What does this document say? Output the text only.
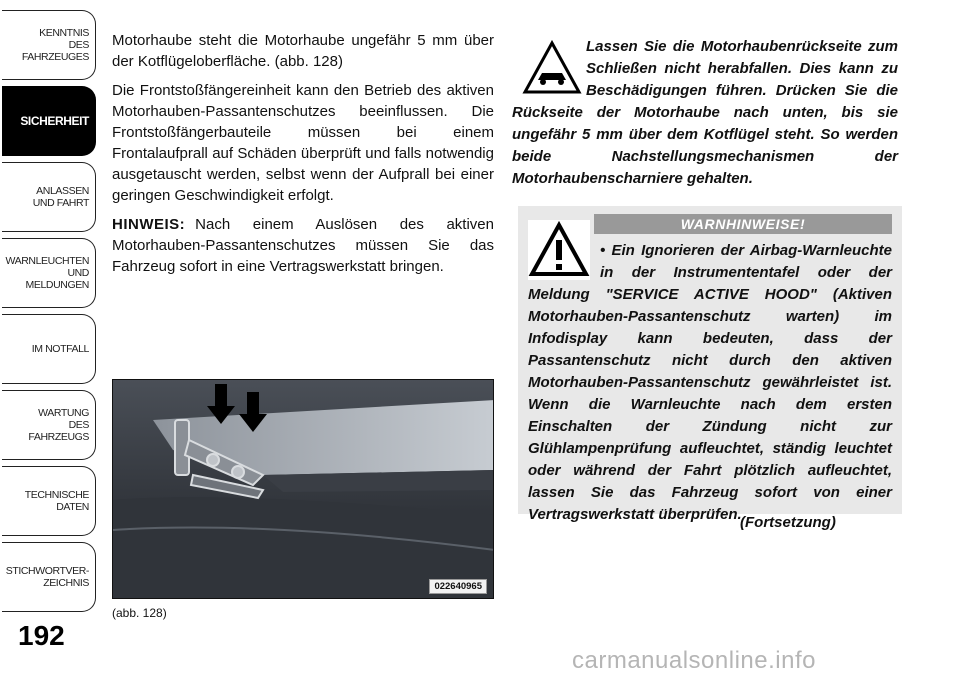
KENNTNIS
DES
FAHRZEUGES
SICHERHEIT
ANLASSEN
UND FAHRT
WARNLEUCHTEN
UND
MELDUNGEN
IM NOTFALL
WARTUNG
DES
FAHRZEUGS
TECHNISCHE
DATEN
STICHWORTVER-
ZEICHNIS
192

Motorhaube steht die Motorhaube ungefähr 5 mm über der Kotflügeloberfläche. (abb. 128)

Die Frontstoßfängereinheit kann den Betrieb des aktiven Motorhauben-Passantenschutzes beeinflussen. Die Frontstoßfängerbauteile müssen bei einem Frontalaufprall auf Schäden überprüft und falls notwendig ausgetauscht werden, selbst wenn der Aufprall bei einer geringen Geschwindigkeit erfolgt.

HINWEIS: Nach einem Auslösen des aktiven Motorhauben-Passantenschutzes müssen Sie das Fahrzeug sofort in eine Vertragswerkstatt bringen.

022640965
(abb. 128)

Lassen Sie die Motorhaubenrückseite zum Schließen nicht herabfallen. Dies kann zu Beschädigungen führen. Drücken Sie die Rückseite der Motorhaube nach unten, bis sie ungefähr 5 mm über dem Kotflügel steht. So werden beide Nachstellungsmechanismen der Motorhaubenscharniere gehalten.

WARNHINWEISE!

• Ein Ignorieren der Airbag-Warnleuchte in der Instrumententafel oder der Meldung "SERVICE ACTIVE HOOD" (Aktiven Motorhauben-Passantenschutz warten) im Infodisplay kann bedeuten, dass der Passantenschutz nicht durch den aktiven Motorhauben-Passantenschutz gewährleistet ist. Wenn die Warnleuchte nach dem ersten Einschalten der Zündung nicht zur Glühlampenprüfung aufleuchtet, ständig leuchtet oder während der Fahrt plötzlich aufleuchtet, lassen Sie das Fahrzeug sofort von einer Vertragswerkstatt überprüfen.

(Fortsetzung)
carmanualsonline.info
